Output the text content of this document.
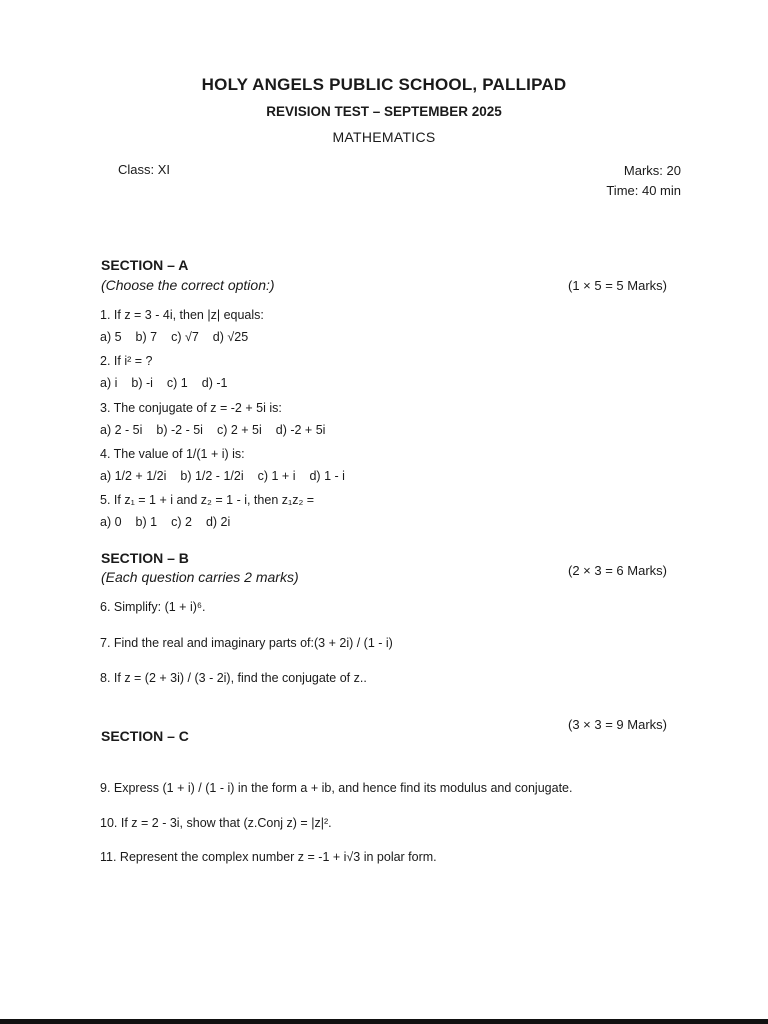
HOLY ANGELS PUBLIC SCHOOL, PALLIPAD
REVISION TEST – SEPTEMBER 2025
MATHEMATICS
Class: XI	Marks: 20
Time: 40 min
SECTION – A
(Choose the correct option:)	(1 × 5 = 5 Marks)
1. If z = 3 - 4i, then |z| equals:
a) 5 b) 7 c) √7 d) √25
2. If i² = ?
a) i b) -i c) 1 d) -1
3. The conjugate of z = -2 + 5i is:
a) 2 - 5i b) -2 - 5i c) 2 + 5i d) -2 + 5i
4. The value of 1/(1 + i) is:
a) 1/2 + 1/2i b) 1/2 - 1/2i c) 1 + i d) 1 - i
5. If z₁ = 1 + i and z₂ = 1 - i, then z₁z₂ =
a) 0 b) 1 c) 2 d) 2i
SECTION – B
(Each question carries 2 marks)	(2 × 3 = 6 Marks)
6. Simplify: (1 + i)⁶.
7. Find the real and imaginary parts of:(3 + 2i) / (1 - i)
8. If z = (2 + 3i) / (3 - 2i), find the conjugate of z..
(3 × 3 = 9 Marks)
SECTION – C
9. Express (1 + i) / (1 - i) in the form a + ib, and hence find its modulus and conjugate.
10. If z = 2 - 3i, show that (z.Conj z) = |z|².
11. Represent the complex number z = -1 + i√3 in polar form.
